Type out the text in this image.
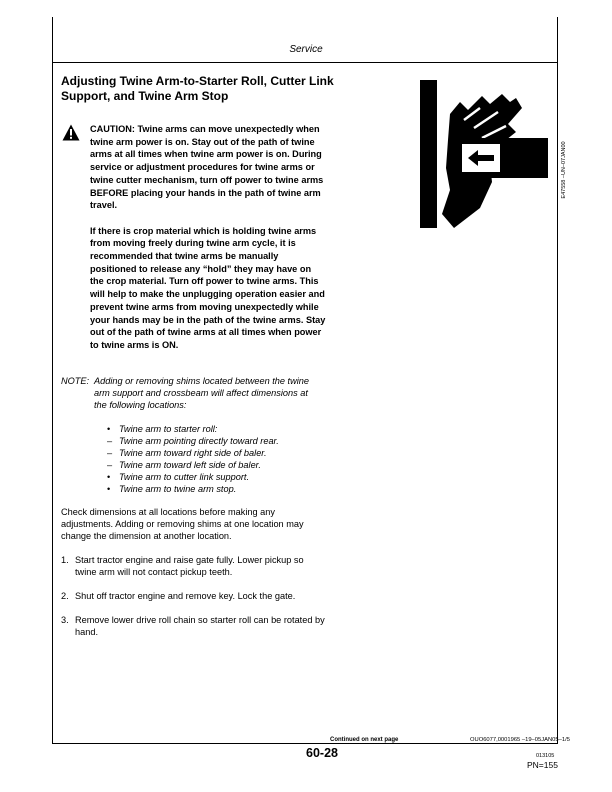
Service
Adjusting Twine Arm-to-Starter Roll, Cutter Link Support, and Twine Arm Stop

CAUTION: Twine arms can move unexpectedly when twine arm power is on. Stay out of the path of twine arms at all times when twine arm power is on. During service or adjustment procedures for twine arms or twine cutter mechanism, turn off power to twine arms BEFORE placing your hands in the path of twine arm travel.

If there is crop material which is holding twine arms from moving freely during twine arm cycle, it is recommended that twine arms be manually positioned to release any “hold” they may have on the crop material. Turn off power to twine arms. This will help to make the unplugging operation easier and prevent twine arms from moving unexpectedly while your hands may be in the path of the twine arms. Stay out of the path of twine arms at all times when power to twine arms is ON.

NOTE: Adding or removing shims located between the twine arm support and crossbeam will affect dimensions at the following locations:
• Twine arm to starter roll:
– Twine arm pointing directly toward rear.
– Twine arm toward right side of baler.
– Twine arm toward left side of baler.
• Twine arm to cutter link support.
• Twine arm to twine arm stop.

Check dimensions at all locations before making any adjustments. Adding or removing shims at one location may change the dimension at another location.

1. Start tractor engine and raise gate fully. Lower pickup so twine arm will not contact pickup teeth.
2. Shut off tractor engine and remove key. Lock the gate.
3. Remove lower drive roll chain so starter roll can be rotated by hand.
E47558 –UN–07JAN00
Continued on next page	OUO6077,0001965 –19–05JAN05–1/5
60-28	013105
PN=155
